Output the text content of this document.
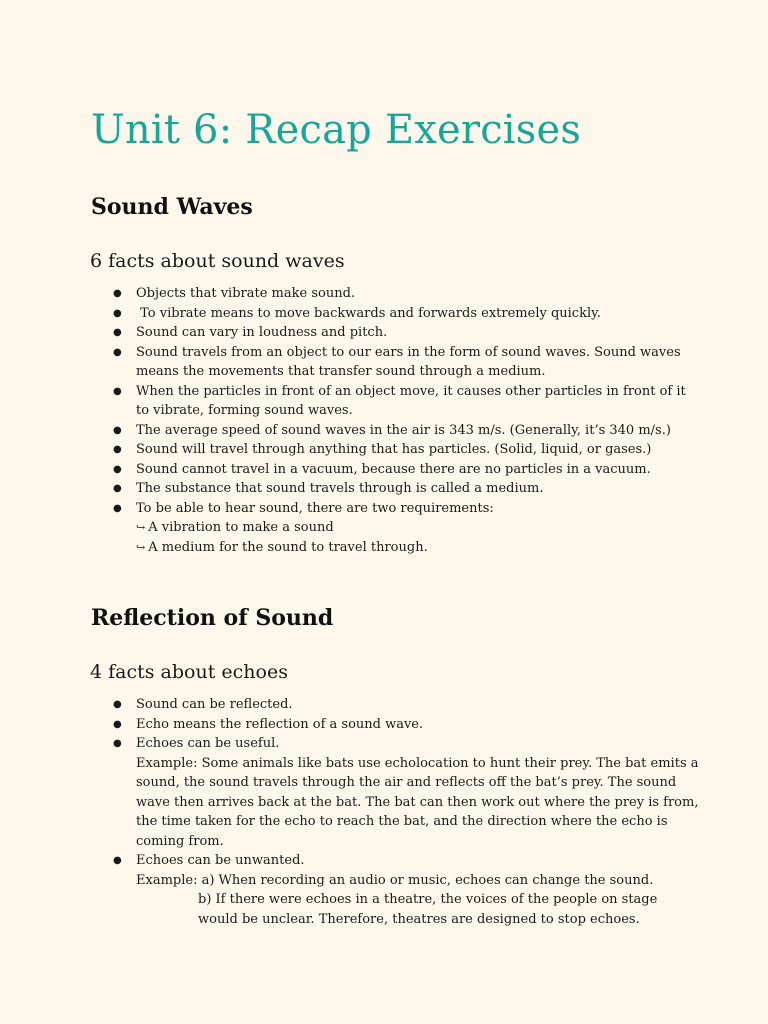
Unit 6: Recap Exercises
Sound Waves
6 facts about sound waves
● Objects that vibrate make sound.
● To vibrate means to move backwards and forwards extremely quickly.
● Sound can vary in loudness and pitch.
● Sound travels from an object to our ears in the form of sound waves. Sound waves means the movements that transfer sound through a medium.
● When the particles in front of an object move, it causes other particles in front of it to vibrate, forming sound waves.
● The average speed of sound waves in the air is 343 m/s. (Generally, it’s 340 m/s.)
● Sound will travel through anything that has particles. (Solid, liquid, or gases.)
● Sound cannot travel in a vacuum, because there are no particles in a vacuum.
● The substance that sound travels through is called a medium.
● To be able to hear sound, there are two requirements:
↪ A vibration to make a sound
↪ A medium for the sound to travel through.
Reflection of Sound
4 facts about echoes
● Sound can be reflected.
● Echo means the reflection of a sound wave.
● Echoes can be useful.
Example: Some animals like bats use echolocation to hunt their prey. The bat emits a sound, the sound travels through the air and reflects off the bat’s prey. The sound wave then arrives back at the bat. The bat can then work out where the prey is from, the time taken for the echo to reach the bat, and the direction where the echo is coming from.
● Echoes can be unwanted.
Example: a) When recording an audio or music, echoes can change the sound.
b) If there were echoes in a theatre, the voices of the people on stage would be unclear. Therefore, theatres are designed to stop echoes.
